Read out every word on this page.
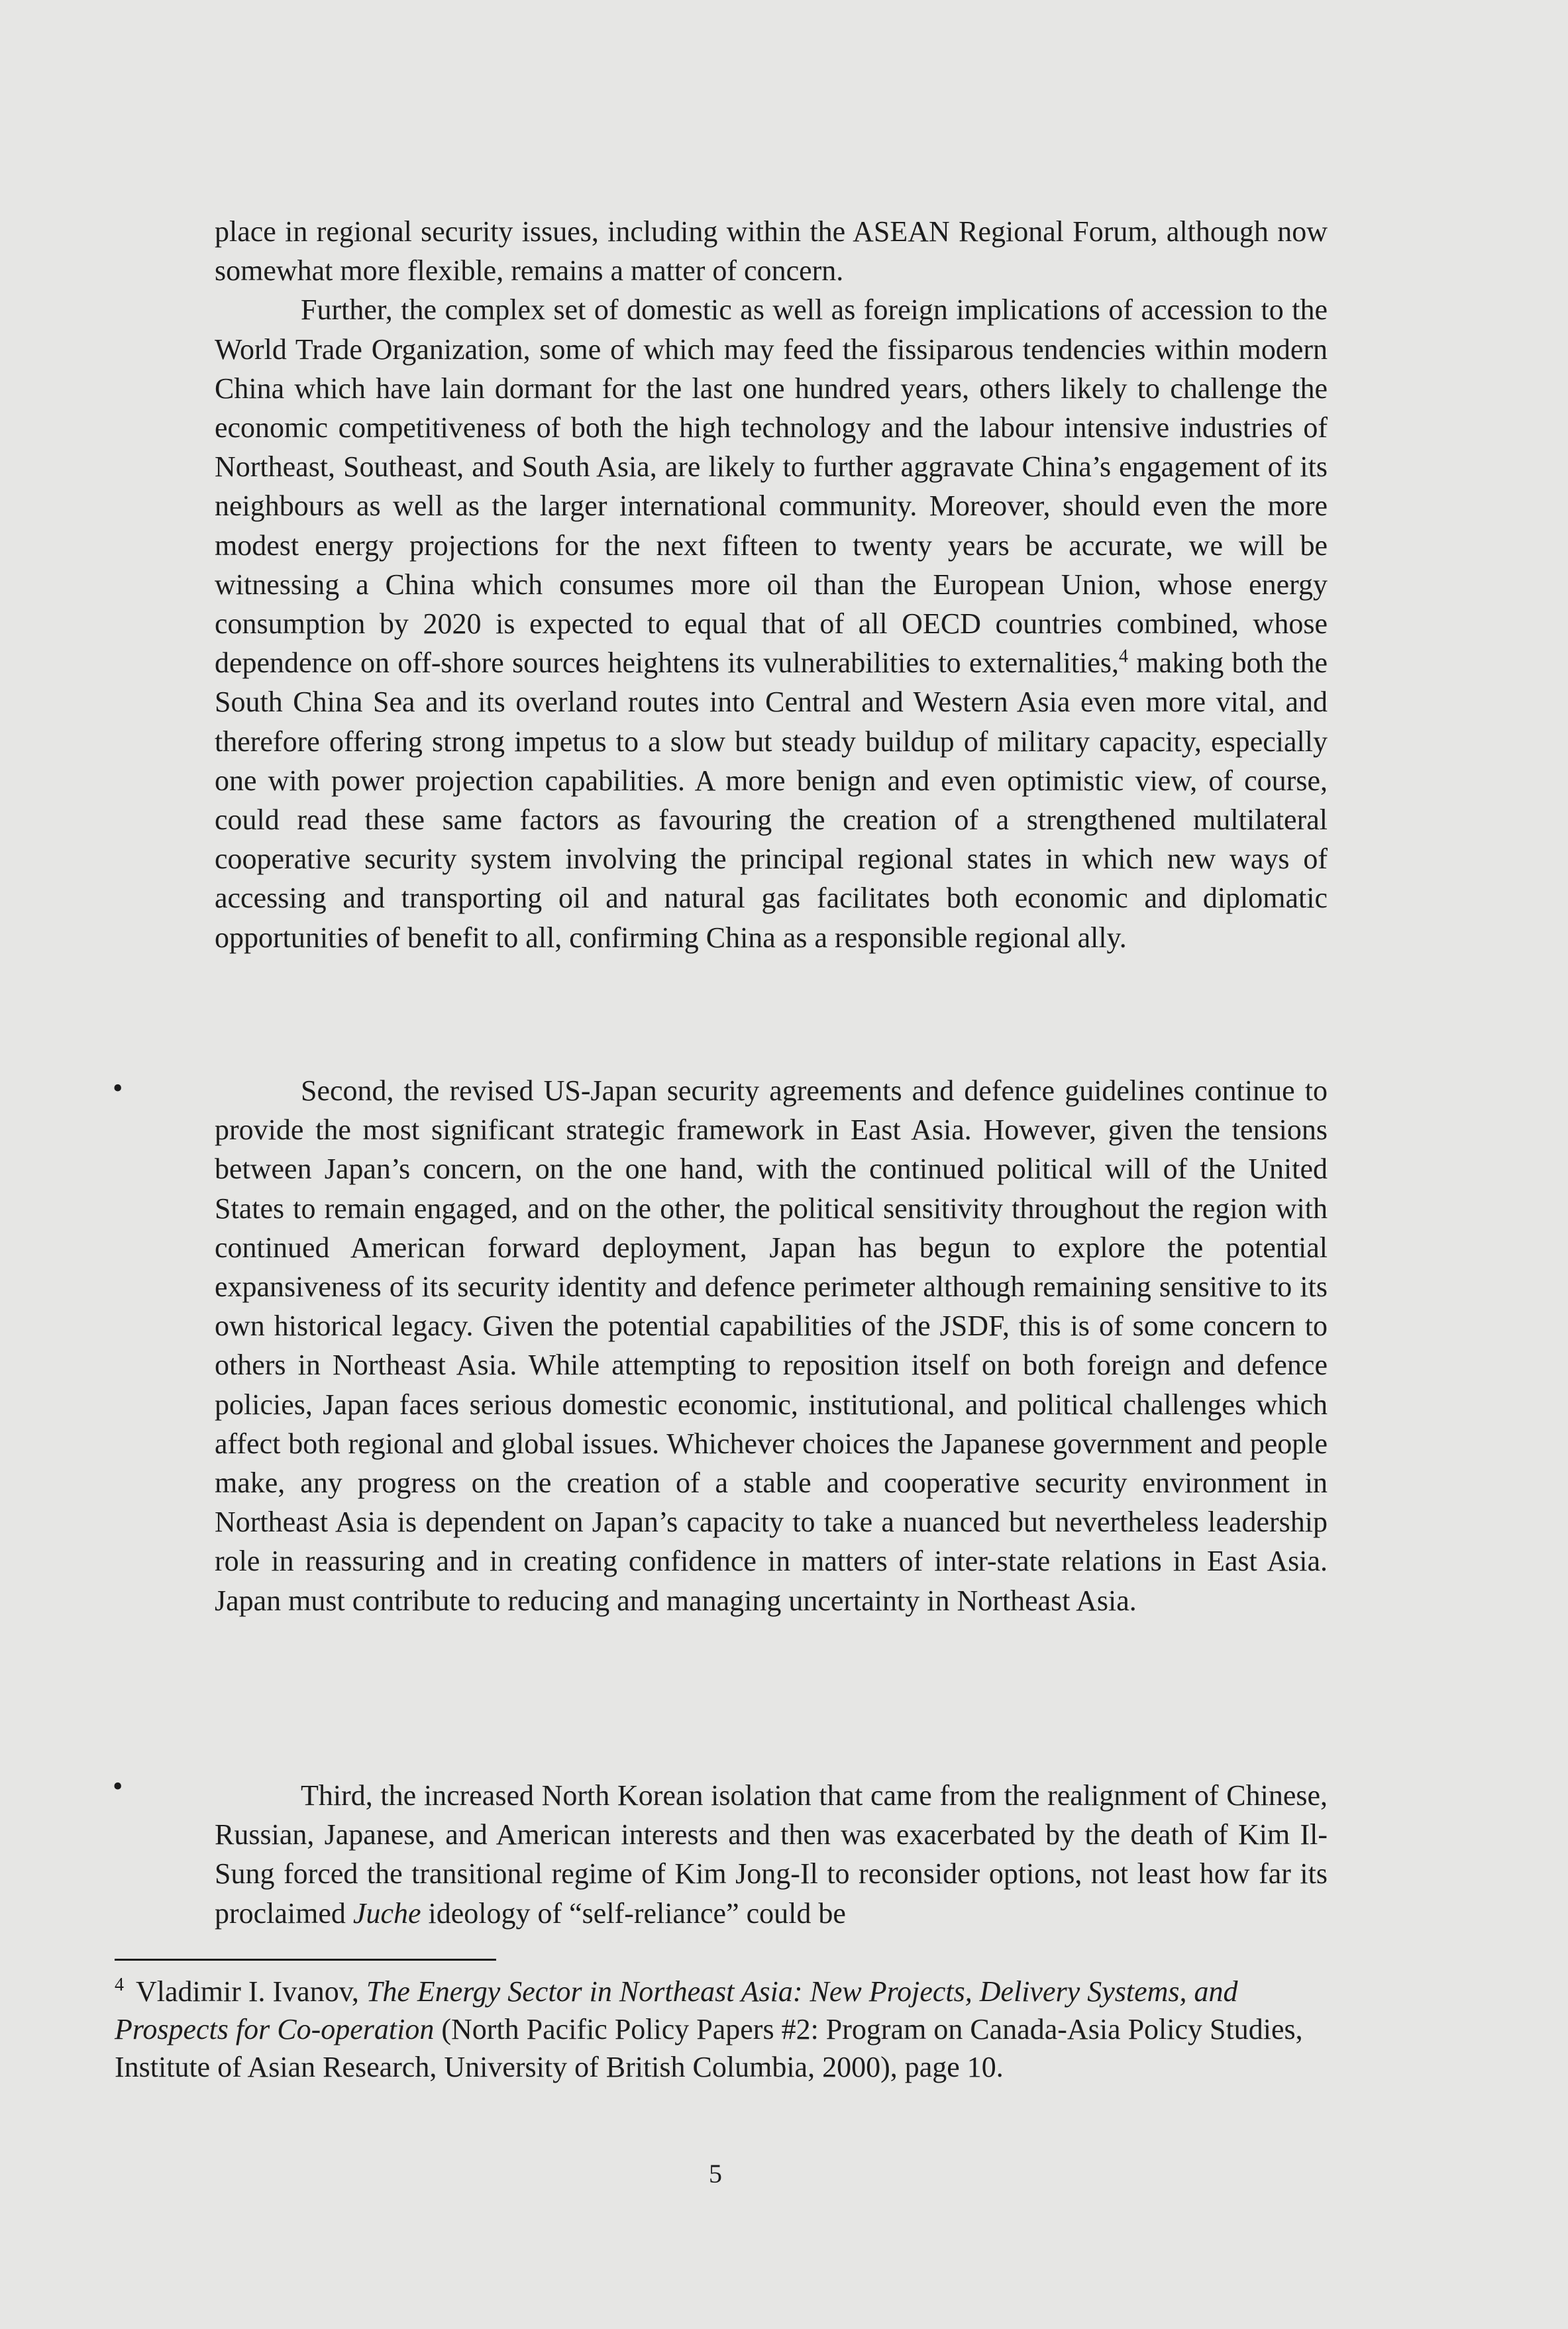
place in regional security issues, including within the ASEAN Regional Forum, although now somewhat more flexible, remains a matter of concern.

Further, the complex set of domestic as well as foreign implications of accession to the World Trade Organization, some of which may feed the fissiparous tendencies within modern China which have lain dormant for the last one hundred years, others likely to challenge the economic competitiveness of both the high technology and the labour intensive industries of Northeast, Southeast, and South Asia, are likely to further aggravate China’s engagement of its neighbours as well as the larger international community. Moreover, should even the more modest energy projections for the next fifteen to twenty years be accurate, we will be witnessing a China which consumes more oil than the European Union, whose energy consumption by 2020 is expected to equal that of all OECD countries combined, whose dependence on off-shore sources heightens its vulnerabilities to externalities,$^4$ making both the South China Sea and its overland routes into Central and Western Asia even more vital, and therefore offering strong impetus to a slow but steady buildup of military capacity, especially one with power projection capabilities. A more benign and even optimistic view, of course, could read these same factors as favouring the creation of a strengthened multilateral cooperative security system involving the principal regional states in which new ways of accessing and transporting oil and natural gas facilitates both economic and diplomatic opportunities of benefit to all, confirming China as a responsible regional ally.

•	Second, the revised US-Japan security agreements and defence guidelines continue to provide the most significant strategic framework in East Asia. However, given the tensions between Japan’s concern, on the one hand, with the continued political will of the United States to remain engaged, and on the other, the political sensitivity throughout the region with continued American forward deployment, Japan has begun to explore the potential expansiveness of its security identity and defence perimeter although remaining sensitive to its own historical legacy. Given the potential capabilities of the JSDF, this is of some concern to others in Northeast Asia. While attempting to reposition itself on both foreign and defence policies, Japan faces serious domestic economic, institutional, and political challenges which affect both regional and global issues. Whichever choices the Japanese government and people make, any progress on the creation of a stable and cooperative security environment in Northeast Asia is dependent on Japan’s capacity to take a nuanced but nevertheless leadership role in reassuring and in creating confidence in matters of inter-state relations in East Asia. Japan must contribute to reducing and managing uncertainty in Northeast Asia.

•	Third, the increased North Korean isolation that came from the realignment of Chinese, Russian, Japanese, and American interests and then was exacerbated by the death of Kim Il-Sung forced the transitional regime of Kim Jong-Il to reconsider options, not least how far its proclaimed Juche ideology of “self-reliance” could be

$^4$ Vladimir I. Ivanov, The Energy Sector in Northeast Asia: New Projects, Delivery Systems, and Prospects for Co-operation (North Pacific Policy Papers #2: Program on Canada-Asia Policy Studies, Institute of Asian Research, University of British Columbia, 2000), page 10.
5
